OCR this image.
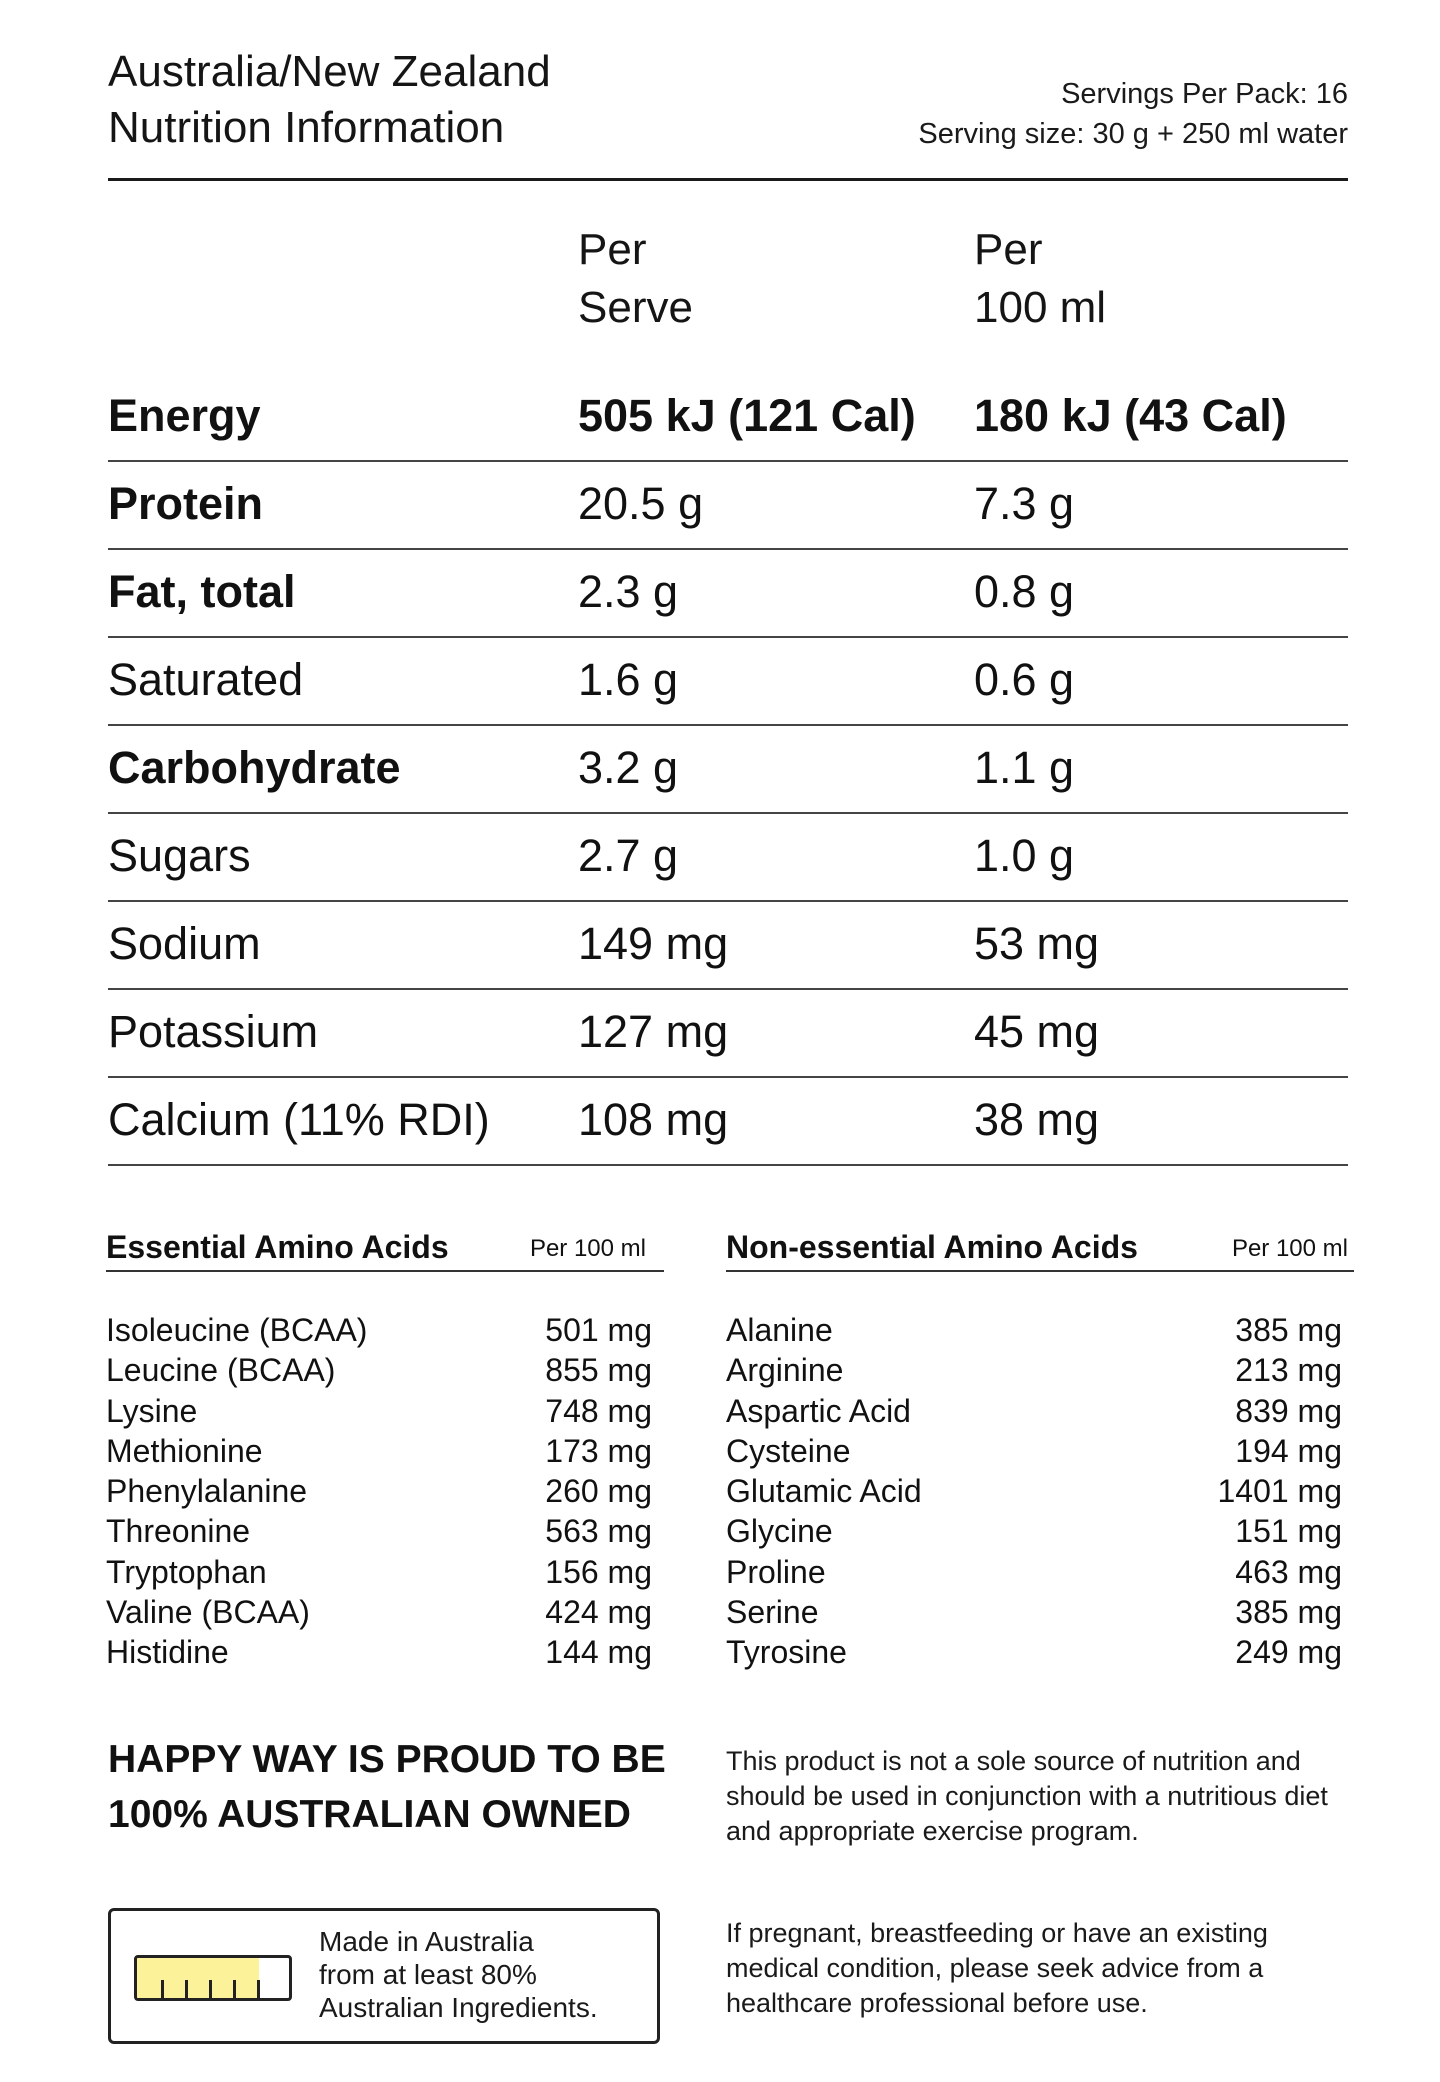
Australia/New Zealand
Nutrition Information
Servings Per Pack: 16
Serving size: 30 g + 250 ml water
Per
Serve
Per
100 ml
Energy	505 kJ (121 Cal) 180 kJ (43 Cal)
Protein	20.5 g	7.3 g
Fat, total	2.3 g	0.8 g
Saturated	1.6 g	0.6 g
Carbohydrate	3.2 g	1.1 g
Sugars	2.7 g	1.0 g
Sodium	149 mg	53 mg
Potassium	127 mg	45 mg
Calcium (11% RDI) 108 mg	38 mg
Essential Amino Acids	Per 100 ml
Isoleucine (BCAA)	501 mg
Leucine (BCAA)	855 mg
Lysine	748 mg
Methionine	173 mg
Phenylalanine	260 mg
Threonine	563 mg
Tryptophan	156 mg
Valine (BCAA)	424 mg
Histidine	144 mg
Non-essential Amino Acids	Per 100 ml
Alanine	385 mg
Arginine	213 mg
Aspartic Acid	839 mg
Cysteine	194 mg
Glutamic Acid	1401 mg
Glycine	151 mg
Proline	463 mg
Serine	385 mg
Tyrosine	249 mg
HAPPY WAY IS PROUD TO BE
100% AUSTRALIAN OWNED
Made in Australia
from at least 80%
Australian Ingredients.
This product is not a sole source of nutrition and should be used in conjunction with a nutritious diet and appropriate exercise program.
If pregnant, breastfeeding or have an existing medical condition, please seek advice from a healthcare professional before use.
